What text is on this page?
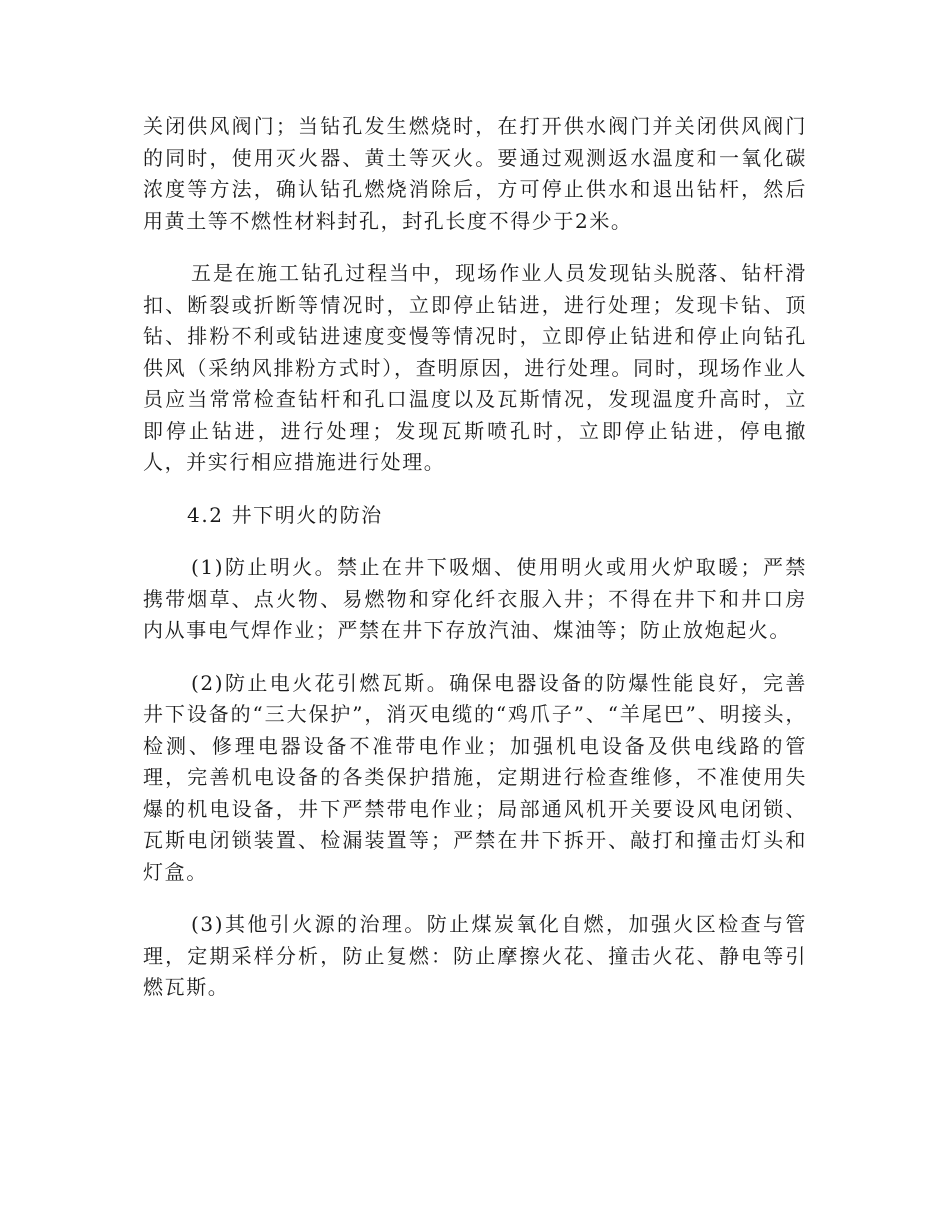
关闭供风阀门；当钻孔发生燃烧时，在打开供水阀门并关闭供风阀门的同时，使用灭火器、黄土等灭火。要通过观测返水温度和一氧化碳浓度等方法，确认钻孔燃烧消除后，方可停止供水和退出钻杆，然后用黄土等不燃性材料封孔，封孔长度不得少于2米。

五是在施工钻孔过程当中，现场作业人员发现钻头脱落、钻杆滑扣、断裂或折断等情况时，立即停止钻进，进行处理；发现卡钻、顶钻、排粉不利或钻进速度变慢等情况时，立即停止钻进和停止向钻孔供风（采纳风排粉方式时），查明原因，进行处理。同时，现场作业人员应当常常检查钻杆和孔口温度以及瓦斯情况，发现温度升高时，立即停止钻进，进行处理；发现瓦斯喷孔时，立即停止钻进，停电撤人，并实行相应措施进行处理。

4.2 井下明火的防治

(1)防止明火。禁止在井下吸烟、使用明火或用火炉取暖；严禁携带烟草、点火物、易燃物和穿化纤衣服入井；不得在井下和井口房内从事电气焊作业；严禁在井下存放汽油、煤油等；防止放炮起火。

(2)防止电火花引燃瓦斯。确保电器设备的防爆性能良好，完善井下设备的“三大保护”，消灭电缆的“鸡爪子”、“羊尾巴”、明接头，检测、修理电器设备不准带电作业；加强机电设备及供电线路的管理，完善机电设备的各类保护措施，定期进行检查维修，不准使用失爆的机电设备，井下严禁带电作业；局部通风机开关要设风电闭锁、瓦斯电闭锁装置、检漏装置等；严禁在井下拆开、敲打和撞击灯头和灯盒。

(3)其他引火源的治理。防止煤炭氧化自燃，加强火区检查与管理，定期采样分析，防止复燃：防止摩擦火花、撞击火花、静电等引燃瓦斯。
